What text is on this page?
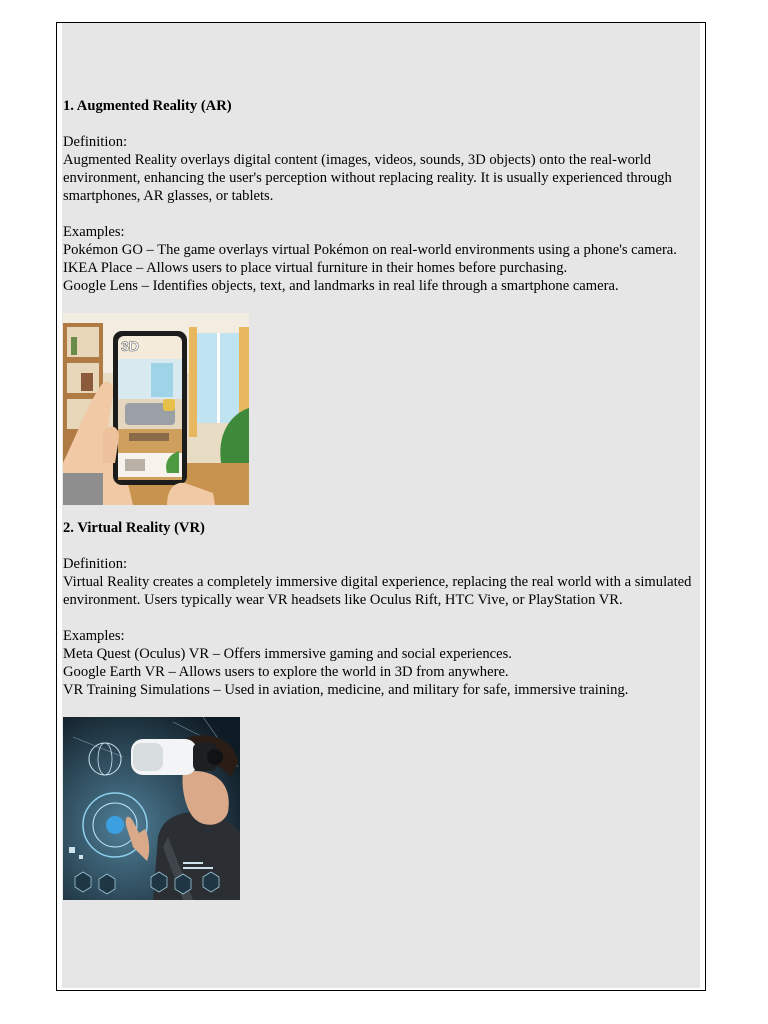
1. Augmented Reality (AR)

Definition:

Augmented Reality overlays digital content (images, videos, sounds, 3D objects) onto the real-world environment, enhancing the user's perception without replacing reality. It is usually experienced through smartphones, AR glasses, or tablets.

Examples:

Pokémon GO – The game overlays virtual Pokémon on real-world environments using a phone's camera.

IKEA Place – Allows users to place virtual furniture in their homes before purchasing.

Google Lens – Identifies objects, text, and landmarks in real life through a smartphone camera.

3D

2. Virtual Reality (VR)

Definition:

Virtual Reality creates a completely immersive digital experience, replacing the real world with a simulated environment. Users typically wear VR headsets like Oculus Rift, HTC Vive, or PlayStation VR.

Examples:

Meta Quest (Oculus) VR – Offers immersive gaming and social experiences.

Google Earth VR – Allows users to explore the world in 3D from anywhere.

VR Training Simulations – Used in aviation, medicine, and military for safe, immersive training.
